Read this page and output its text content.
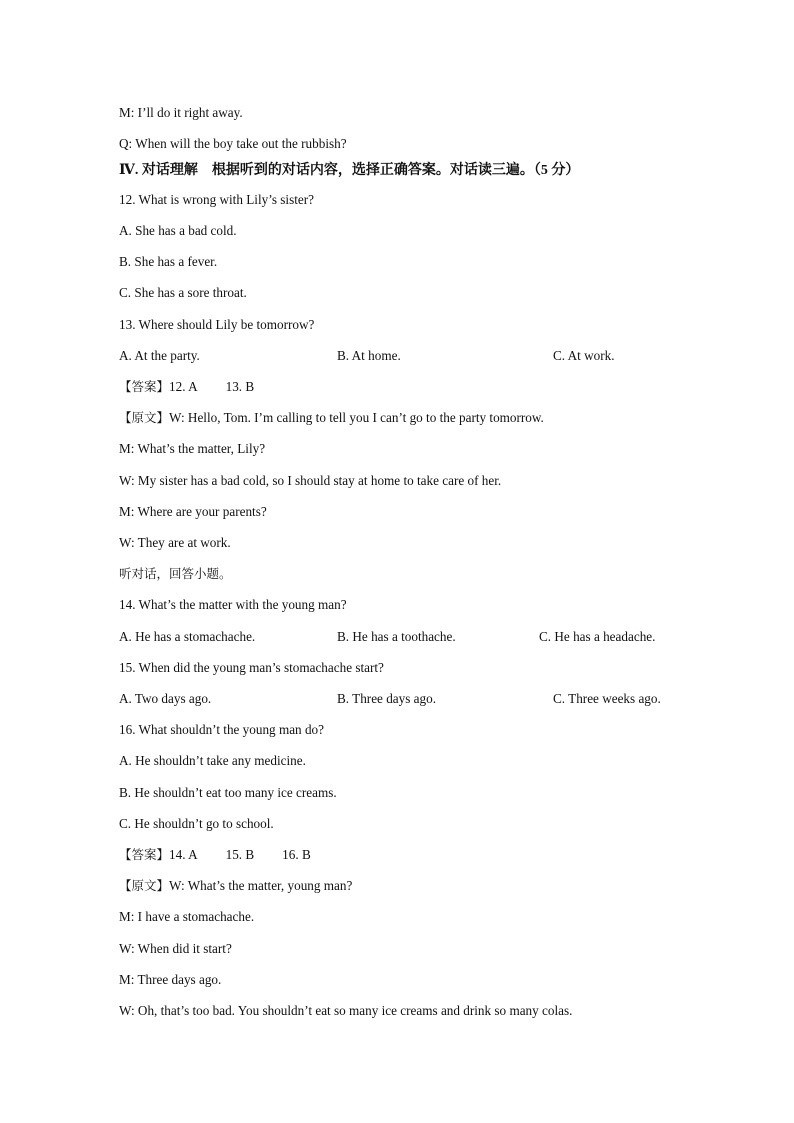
M: I’ll do it right away.
Q: When will the boy take out the rubbish?
Ⅳ. 对话理解　根据听到的对话内容，选择正确答案。对话读三遍。（5 分）
12. What is wrong with Lily’s sister?
A. She has a bad cold.
B. She has a fever.
C. She has a sore throat.
13. Where should Lily be tomorrow?
A. At the party.	B. At home.	C. At work.
【答案】12. A 13. B
【原文】W: Hello, Tom. I’m calling to tell you I can’t go to the party tomorrow.
M: What’s the matter, Lily?
W: My sister has a bad cold, so I should stay at home to take care of her.
M: Where are your parents?
W: They are at work.
听对话，回答小题。
14. What’s the matter with the young man?
A. He has a stomachache.	B. He has a toothache.	C. He has a headache.
15. When did the young man’s stomachache start?
A. Two days ago.	B. Three days ago.	C. Three weeks ago.
16. What shouldn’t the young man do?
A. He shouldn’t take any medicine.
B. He shouldn’t eat too many ice creams.
C. He shouldn’t go to school.
【答案】14. A 15. B 16. B
【原文】W: What’s the matter, young man?
M: I have a stomachache.
W: When did it start?
M: Three days ago.
W: Oh, that’s too bad. You shouldn’t eat so many ice creams and drink so many colas.
